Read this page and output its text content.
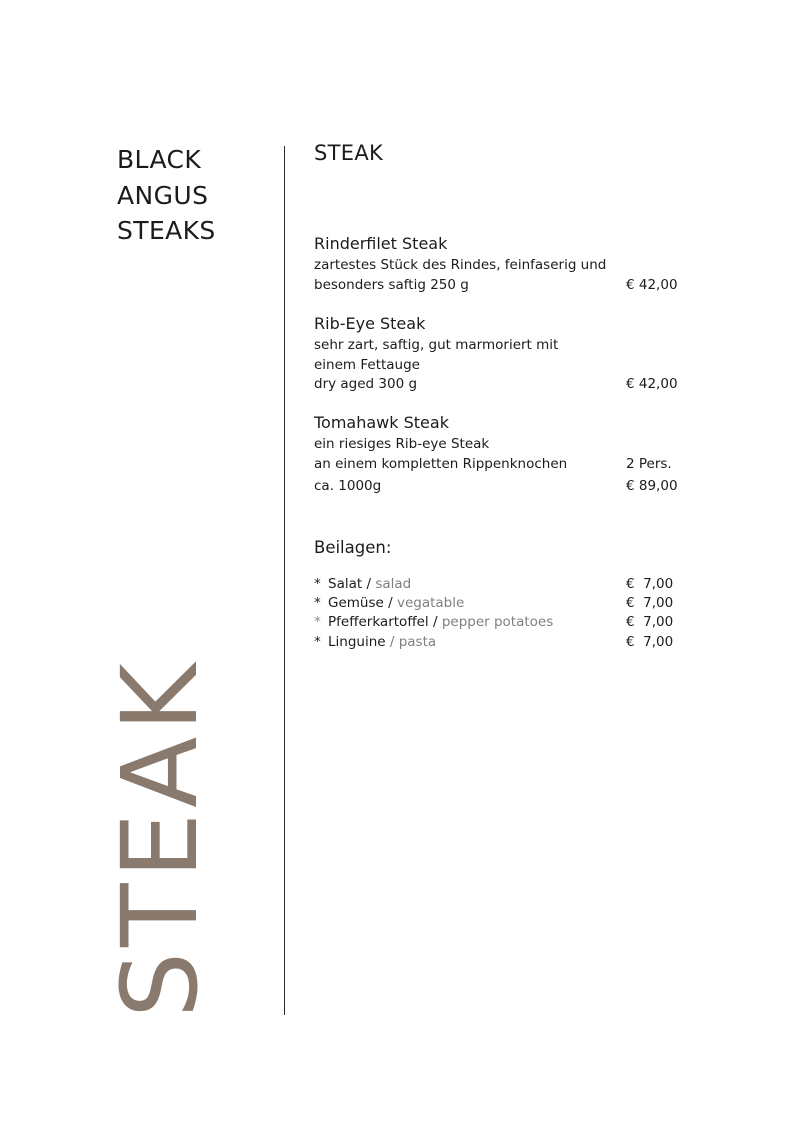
BLACK
ANGUS
STEAKS
STEAK
STEAK
Rinderfilet Steak
zartestes Stück des Rindes, feinfaserig und
besonders saftig 250 g	€ 42,00
Rib-Eye Steak
sehr zart, saftig, gut marmoriert mit
einem Fettauge
dry aged 300 g	€ 42,00
Tomahawk Steak
ein riesiges Rib-eye Steak
an einem kompletten Rippenknochen	2 Pers.
ca. 1000g	€ 89,00
Beilagen:
* Salat / salad	€  7,00
* Gemüse / vegatable	€  7,00
* Pfefferkartoffel / pepper potatoes	€  7,00
* Linguine / pasta	€  7,00
